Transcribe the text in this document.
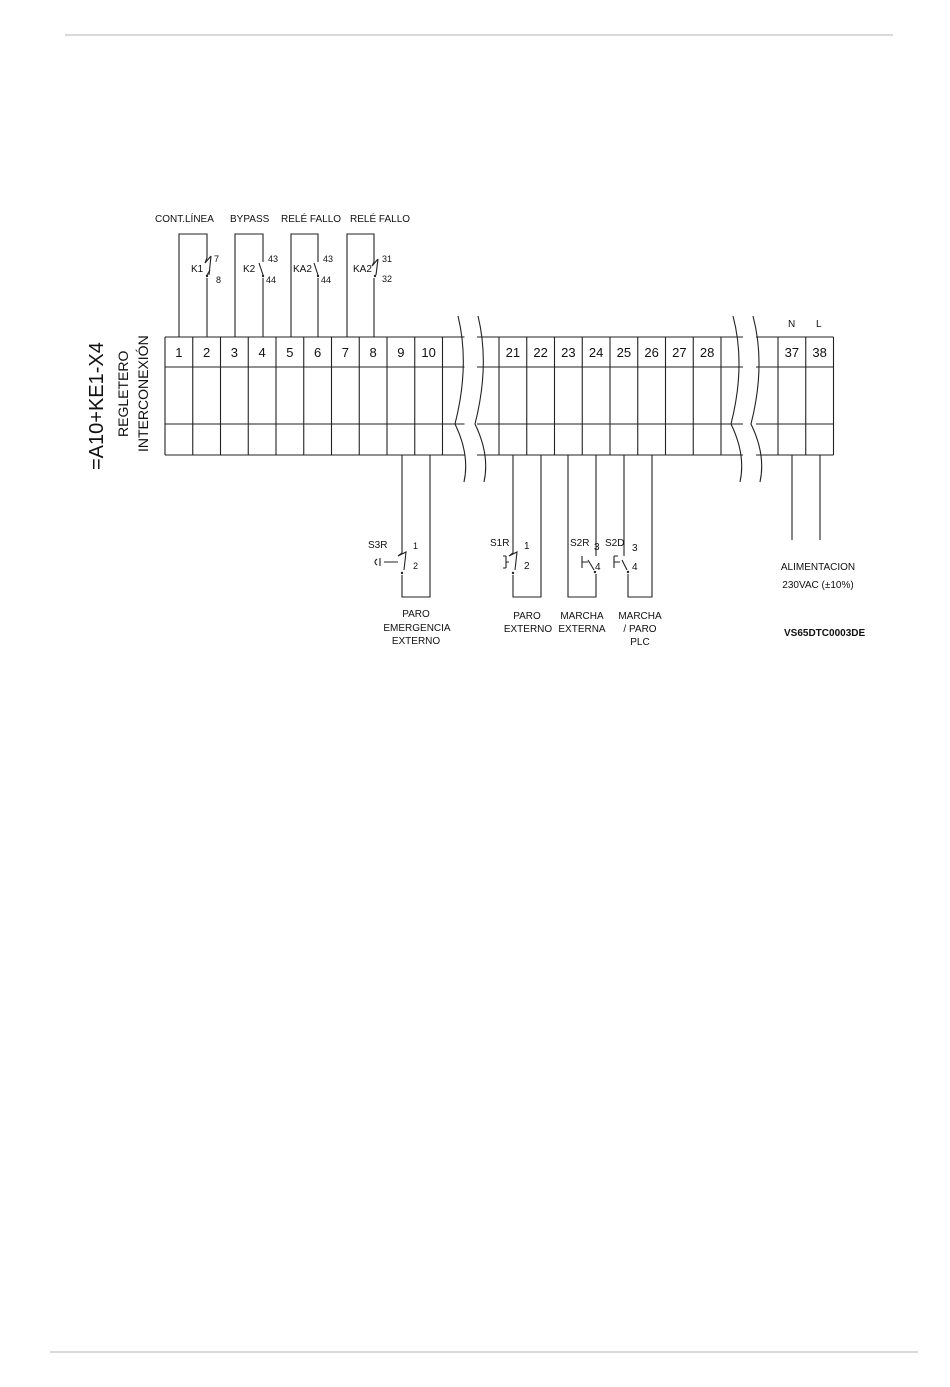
=A10+KE1-X4 REGLETERO INTERCONEXIÓN
CONT.LÍNEA BYPASS RELÉ FALLO RELÉ FALLO
K1
7
8
K2
43
44
KA2
43
44
KA2
31
32
N L
1 2 3 4 5 6 7 8 9 10	21 22 23 24 25 26 27 28	37 38
S3R	1
2
PARO
EMERGENCIA
EXTERNO
S1R 1
2
PARO
EXTERNO
S2R 3
4
MARCHA
EXTERNA
S2D 3
4
MARCHA
/ PARO
PLC
ALIMENTACION
230VAC (±10%)
VS65DTC0003DE
